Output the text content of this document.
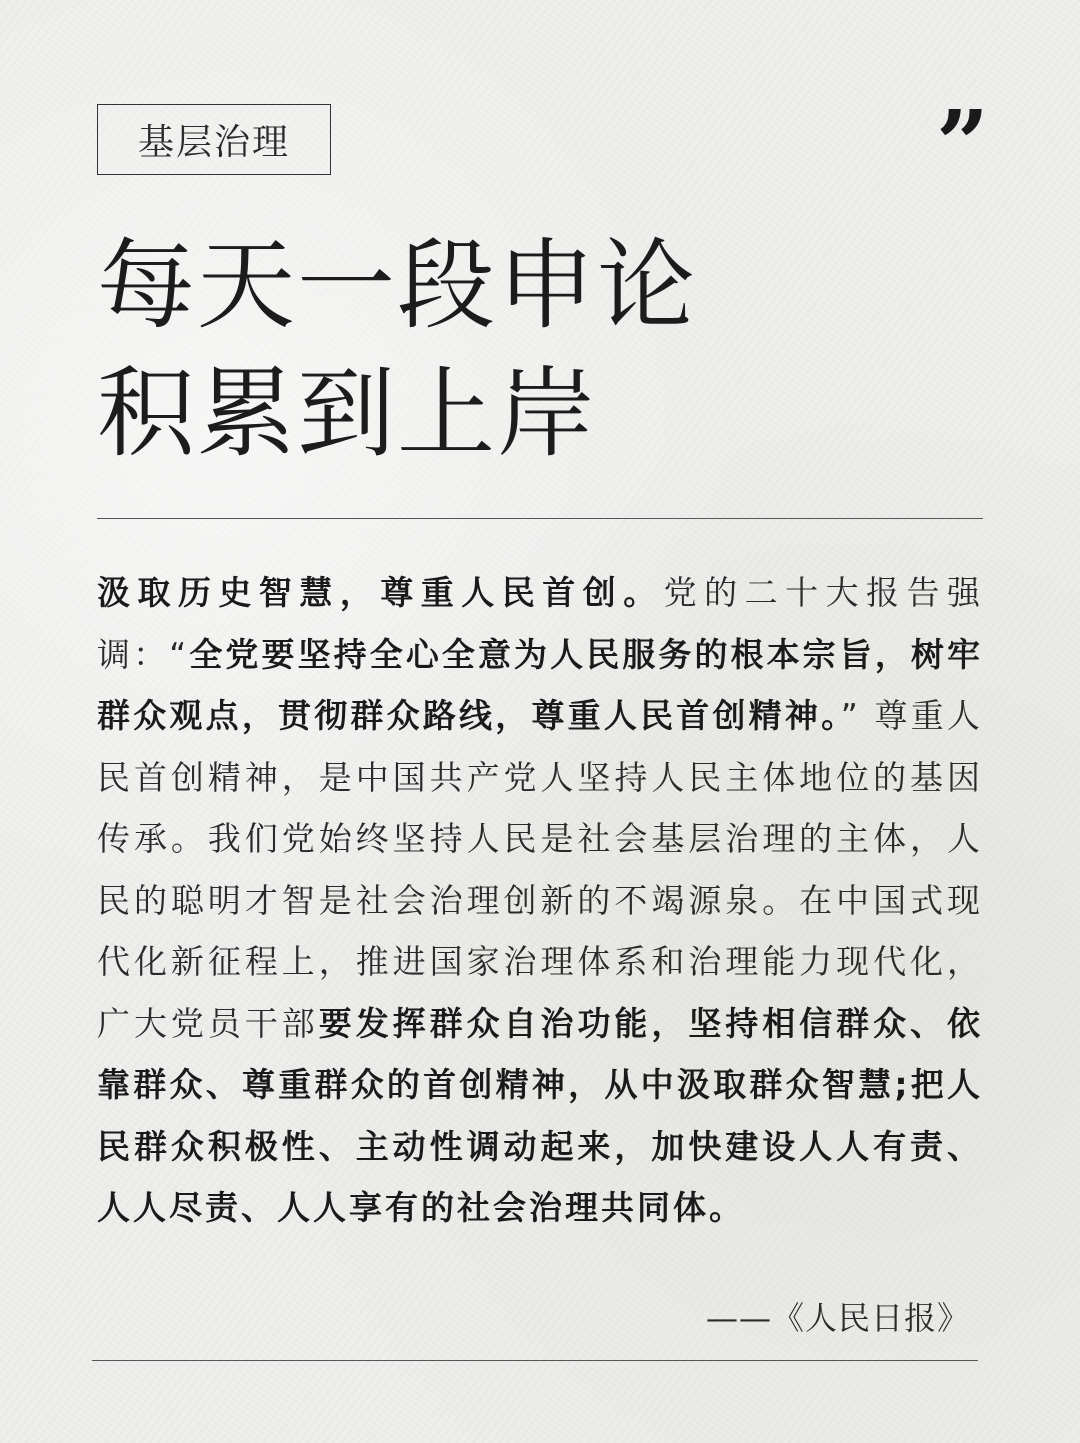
基层治理	”
每天一段申论
积累到上岸

汲取历史智慧，尊重人民首创。党的二十大报告强调：“全党要坚持全心全意为人民服务的根本宗旨，树牢群众观点，贯彻群众路线，尊重人民首创精神。” 尊重人民首创精神，是中国共产党人坚持人民主体地位的基因传承。我们党始终坚持人民是社会基层治理的主体，人民的聪明才智是社会治理创新的不竭源泉。在中国式现代化新征程上，推进国家治理体系和治理能力现代化，广大党员干部要发挥群众自治功能，坚持相信群众、依靠群众、尊重群众的首创精神，从中汲取群众智慧;把人民群众积极性、主动性调动起来，加快建设人人有责、人人尽责、人人享有的社会治理共同体。

——《人民日报》
